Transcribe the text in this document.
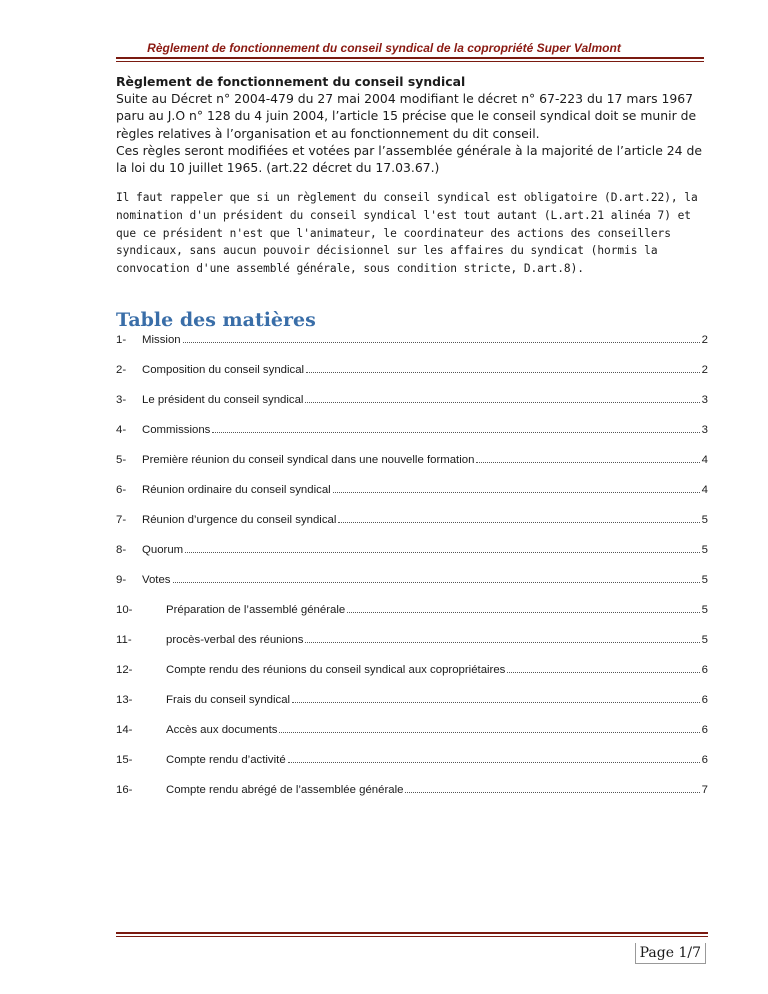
Règlement de fonctionnement du conseil syndical de la copropriété Super Valmont
Règlement de fonctionnement du conseil syndical
Suite au Décret n° 2004-479 du 27 mai 2004 modifiant le décret n° 67-223 du 17 mars 1967 paru au J.O n° 128 du 4 juin 2004, l’article 15 précise que le conseil syndical doit se munir de règles relatives à l’organisation et au fonctionnement du dit conseil.
Ces règles seront modifiées et votées par l’assemblée générale à la majorité de l’article 24 de la loi du 10 juillet 1965. (art.22 décret du 17.03.67.)
Il faut rappeler que si un règlement du conseil syndical est obligatoire (D.art.22), la nomination d'un président du conseil syndical l'est tout autant (L.art.21 alinéa 7) et que ce président n'est que l'animateur, le coordinateur des actions des conseillers syndicaux, sans aucun pouvoir décisionnel sur les affaires du syndicat (hormis la convocation d'une assemblé générale, sous condition stricte, D.art.8).
Table des matières
1-	Mission	2
2-	Composition du conseil syndical	2
3-	Le président du conseil syndical	3
4-	Commissions	3
5-	Première réunion du conseil syndical dans une nouvelle formation	4
6-	Réunion ordinaire du conseil syndical	4
7-	Réunion d’urgence du conseil syndical	5
8-	Quorum	5
9-	Votes	5
10-	Préparation de l’assemblé générale	5
11-	procès-verbal des réunions	5
12-	Compte rendu des réunions du conseil syndical aux copropriétaires	6
13-	Frais du conseil syndical	6
14-	Accès aux documents	6
15-	Compte rendu d’activité	6
16-	Compte rendu abrégé de l’assemblée générale	7
Page 1/7
